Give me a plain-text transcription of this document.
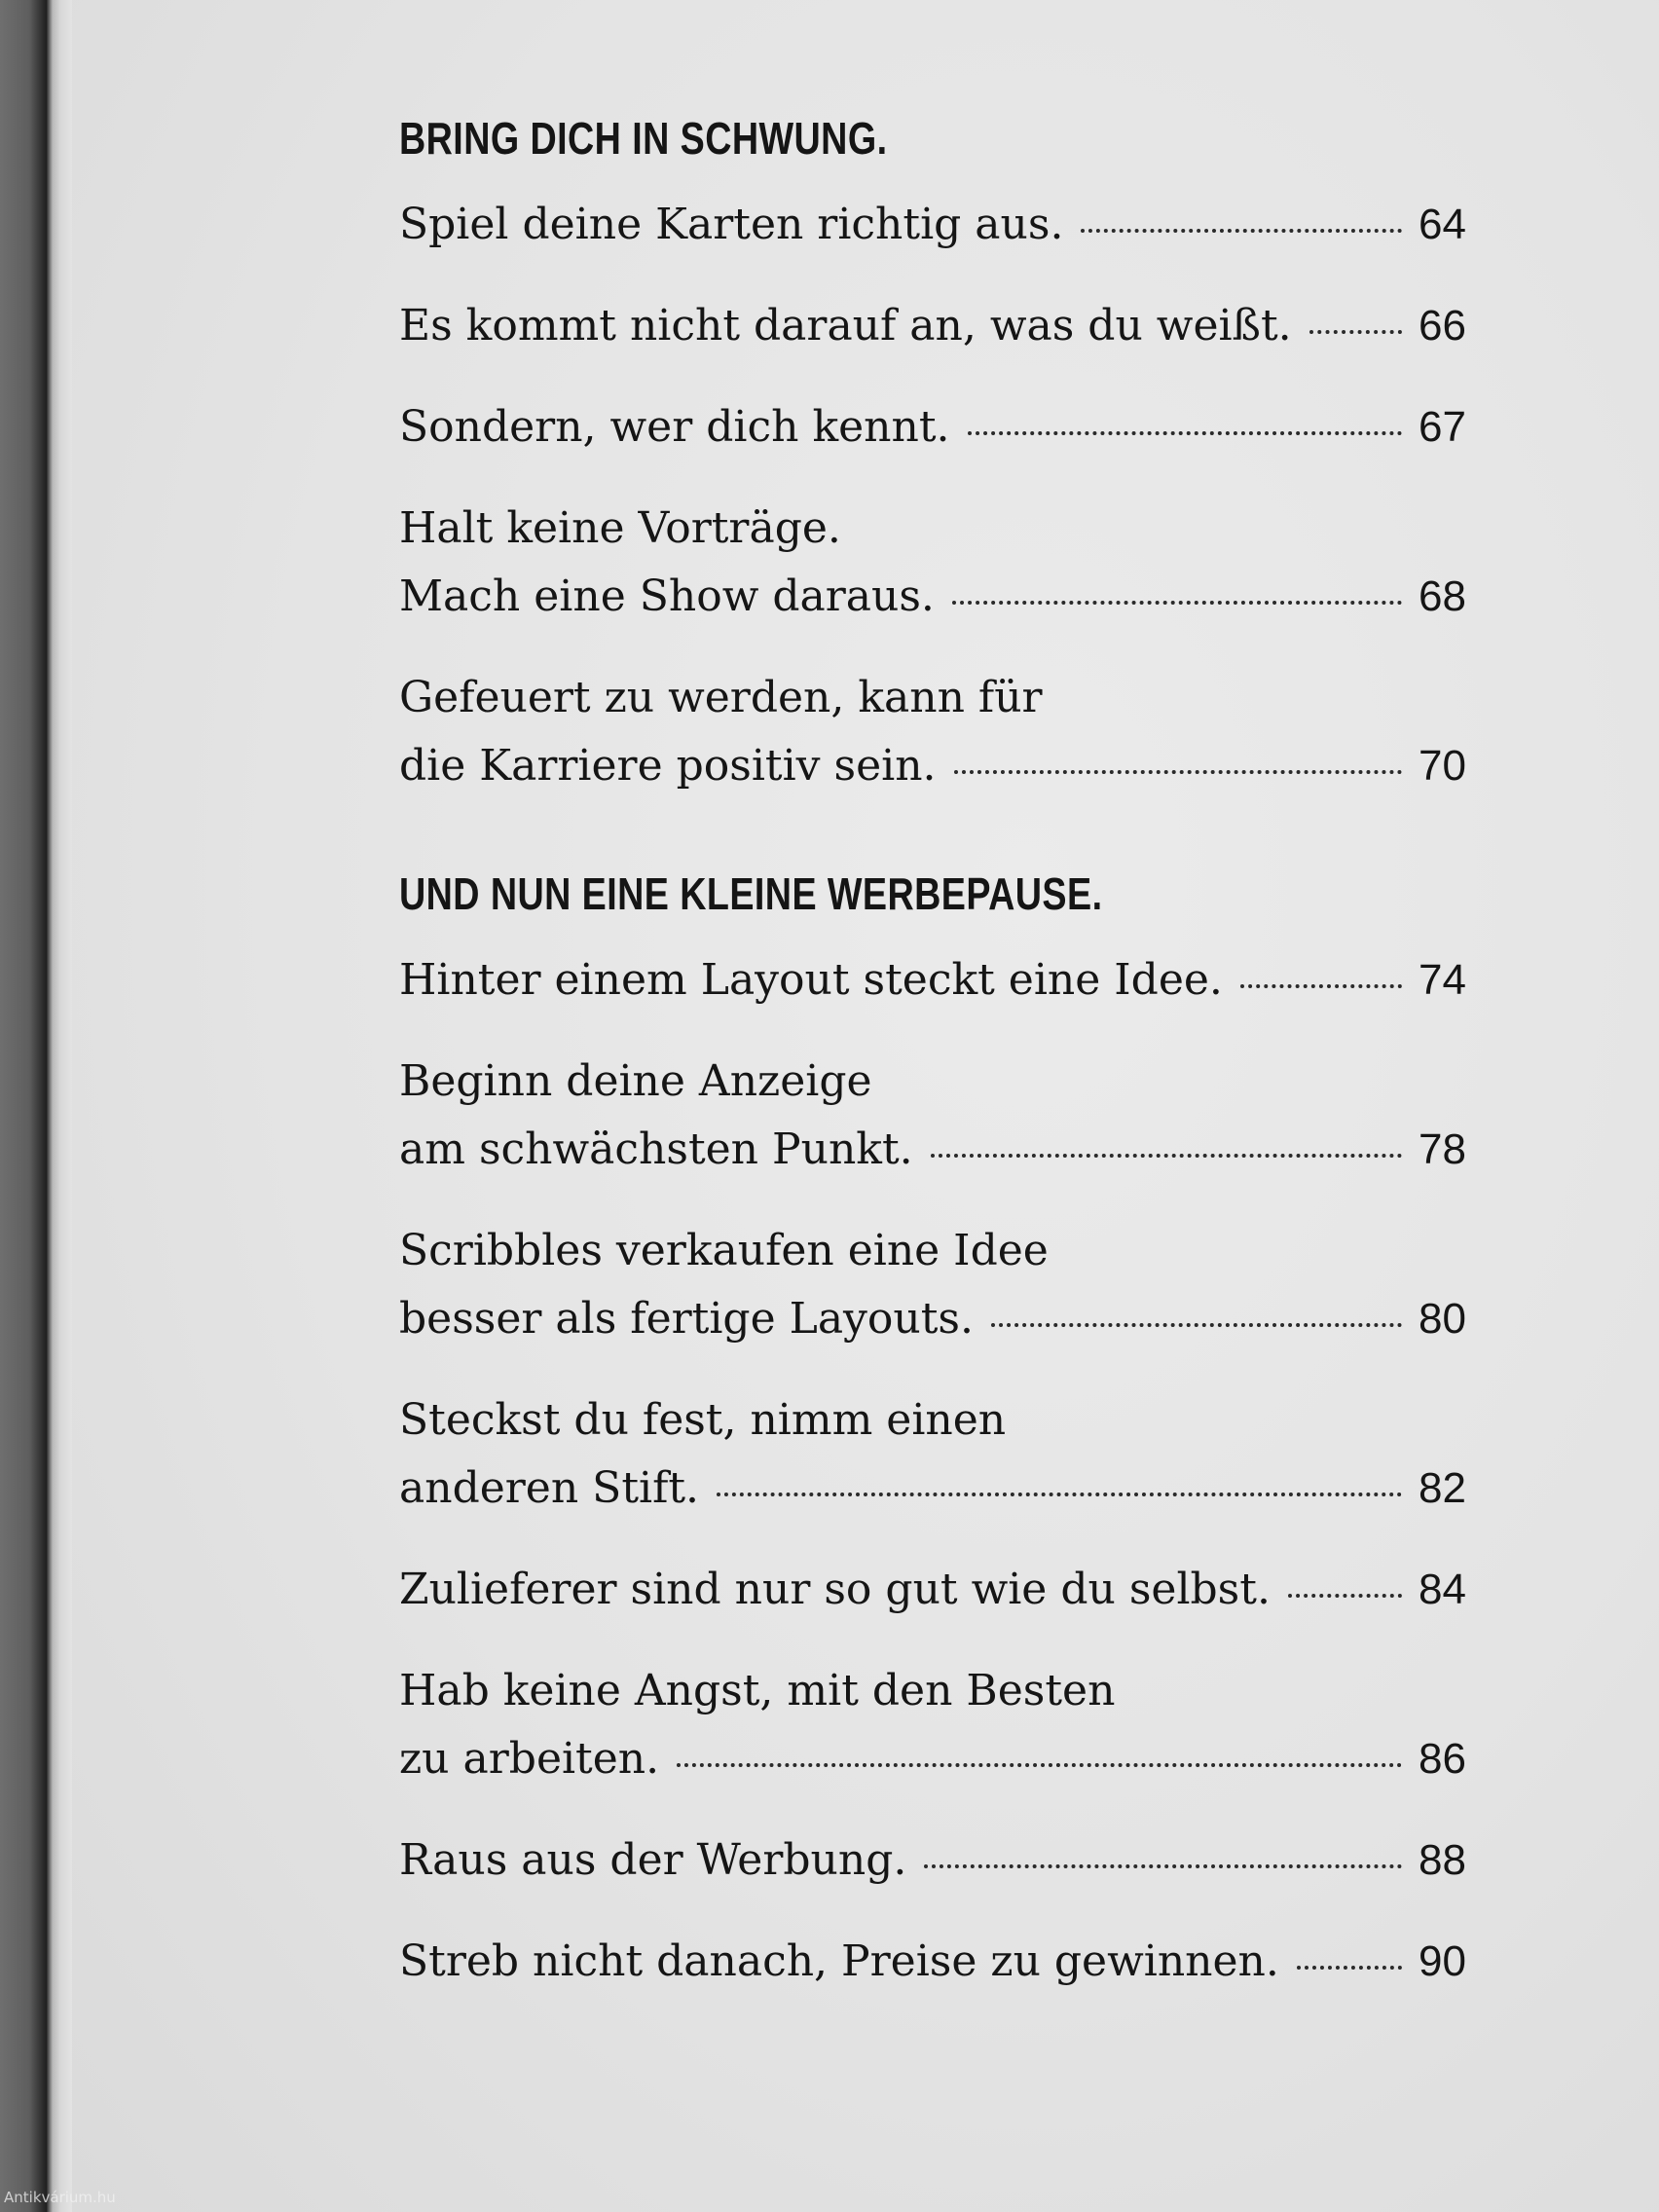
BRING DICH IN SCHWUNG.
Spiel deine Karten richtig aus.	64
Es kommt nicht darauf an, was du weißt.	66
Sondern, wer dich kennt.	67
Halt keine Vorträge.
Mach eine Show daraus.	68
Gefeuert zu werden, kann für
die Karriere positiv sein.	70
UND NUN EINE KLEINE WERBEPAUSE.
Hinter einem Layout steckt eine Idee.	74
Beginn deine Anzeige
am schwächsten Punkt.	78
Scribbles verkaufen eine Idee
besser als fertige Layouts.	80
Steckst du fest, nimm einen
anderen Stift.	82
Zulieferer sind nur so gut wie du selbst.	84
Hab keine Angst, mit den Besten
zu arbeiten.	86
Raus aus der Werbung.	88
Streb nicht danach, Preise zu gewinnen.	90
Antikvárium.hu
